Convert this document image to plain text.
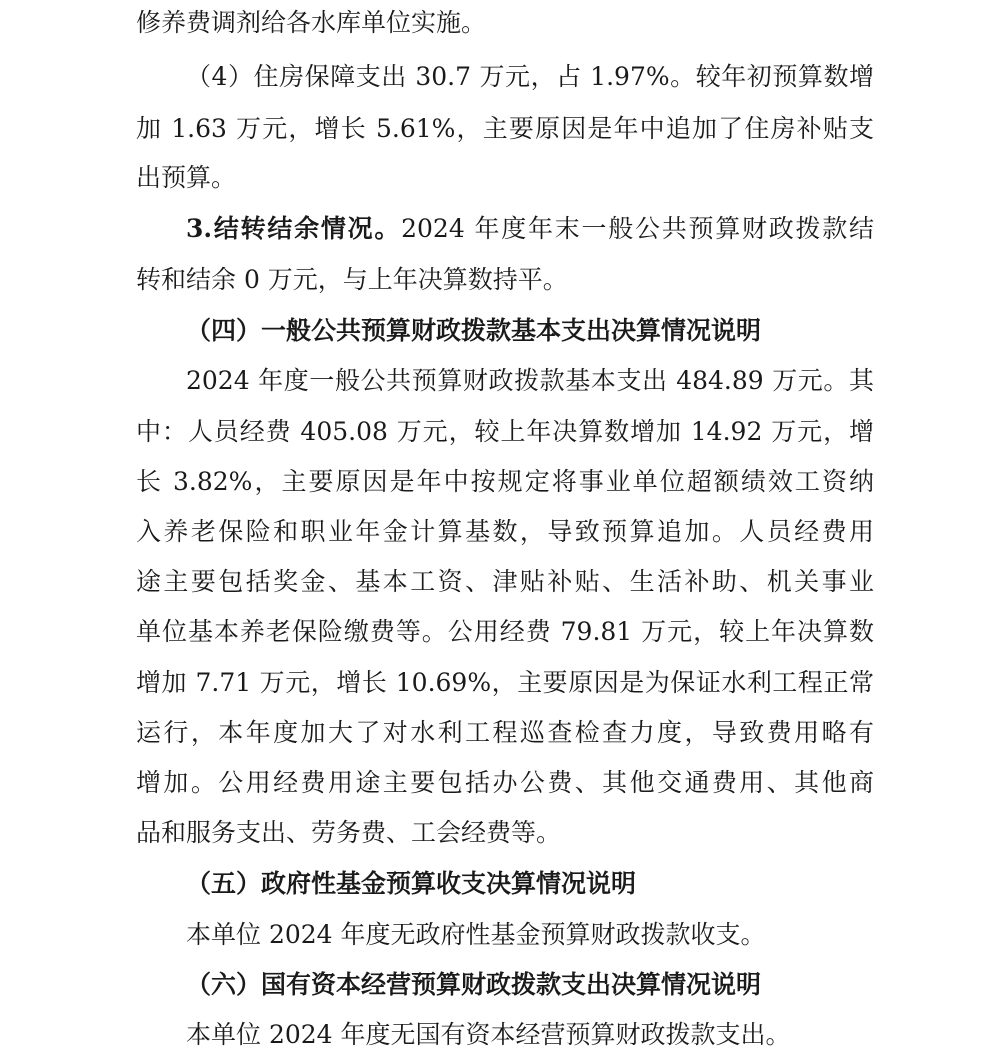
修养费调剂给各水库单位实施。
（4）住房保障支出 30.7 万元，占 1.97%。较年初预算数增
加 1.63 万元，增长 5.61%，主要原因是年中追加了住房补贴支
出预算。
3.结转结余情况。2024 年度年末一般公共预算财政拨款结
转和结余 0 万元，与上年决算数持平。
（四）一般公共预算财政拨款基本支出决算情况说明
2024 年度一般公共预算财政拨款基本支出 484.89 万元。其
中：人员经费 405.08 万元，较上年决算数增加 14.92 万元，增
长 3.82%，主要原因是年中按规定将事业单位超额绩效工资纳
入养老保险和职业年金计算基数，导致预算追加。人员经费用
途主要包括奖金、基本工资、津贴补贴、生活补助、机关事业
单位基本养老保险缴费等。公用经费 79.81 万元，较上年决算数
增加 7.71 万元，增长 10.69%，主要原因是为保证水利工程正常
运行，本年度加大了对水利工程巡查检查力度，导致费用略有
增加。公用经费用途主要包括办公费、其他交通费用、其他商
品和服务支出、劳务费、工会经费等。
（五）政府性基金预算收支决算情况说明
本单位 2024 年度无政府性基金预算财政拨款收支。
（六）国有资本经营预算财政拨款支出决算情况说明
本单位 2024 年度无国有资本经营预算财政拨款支出。
